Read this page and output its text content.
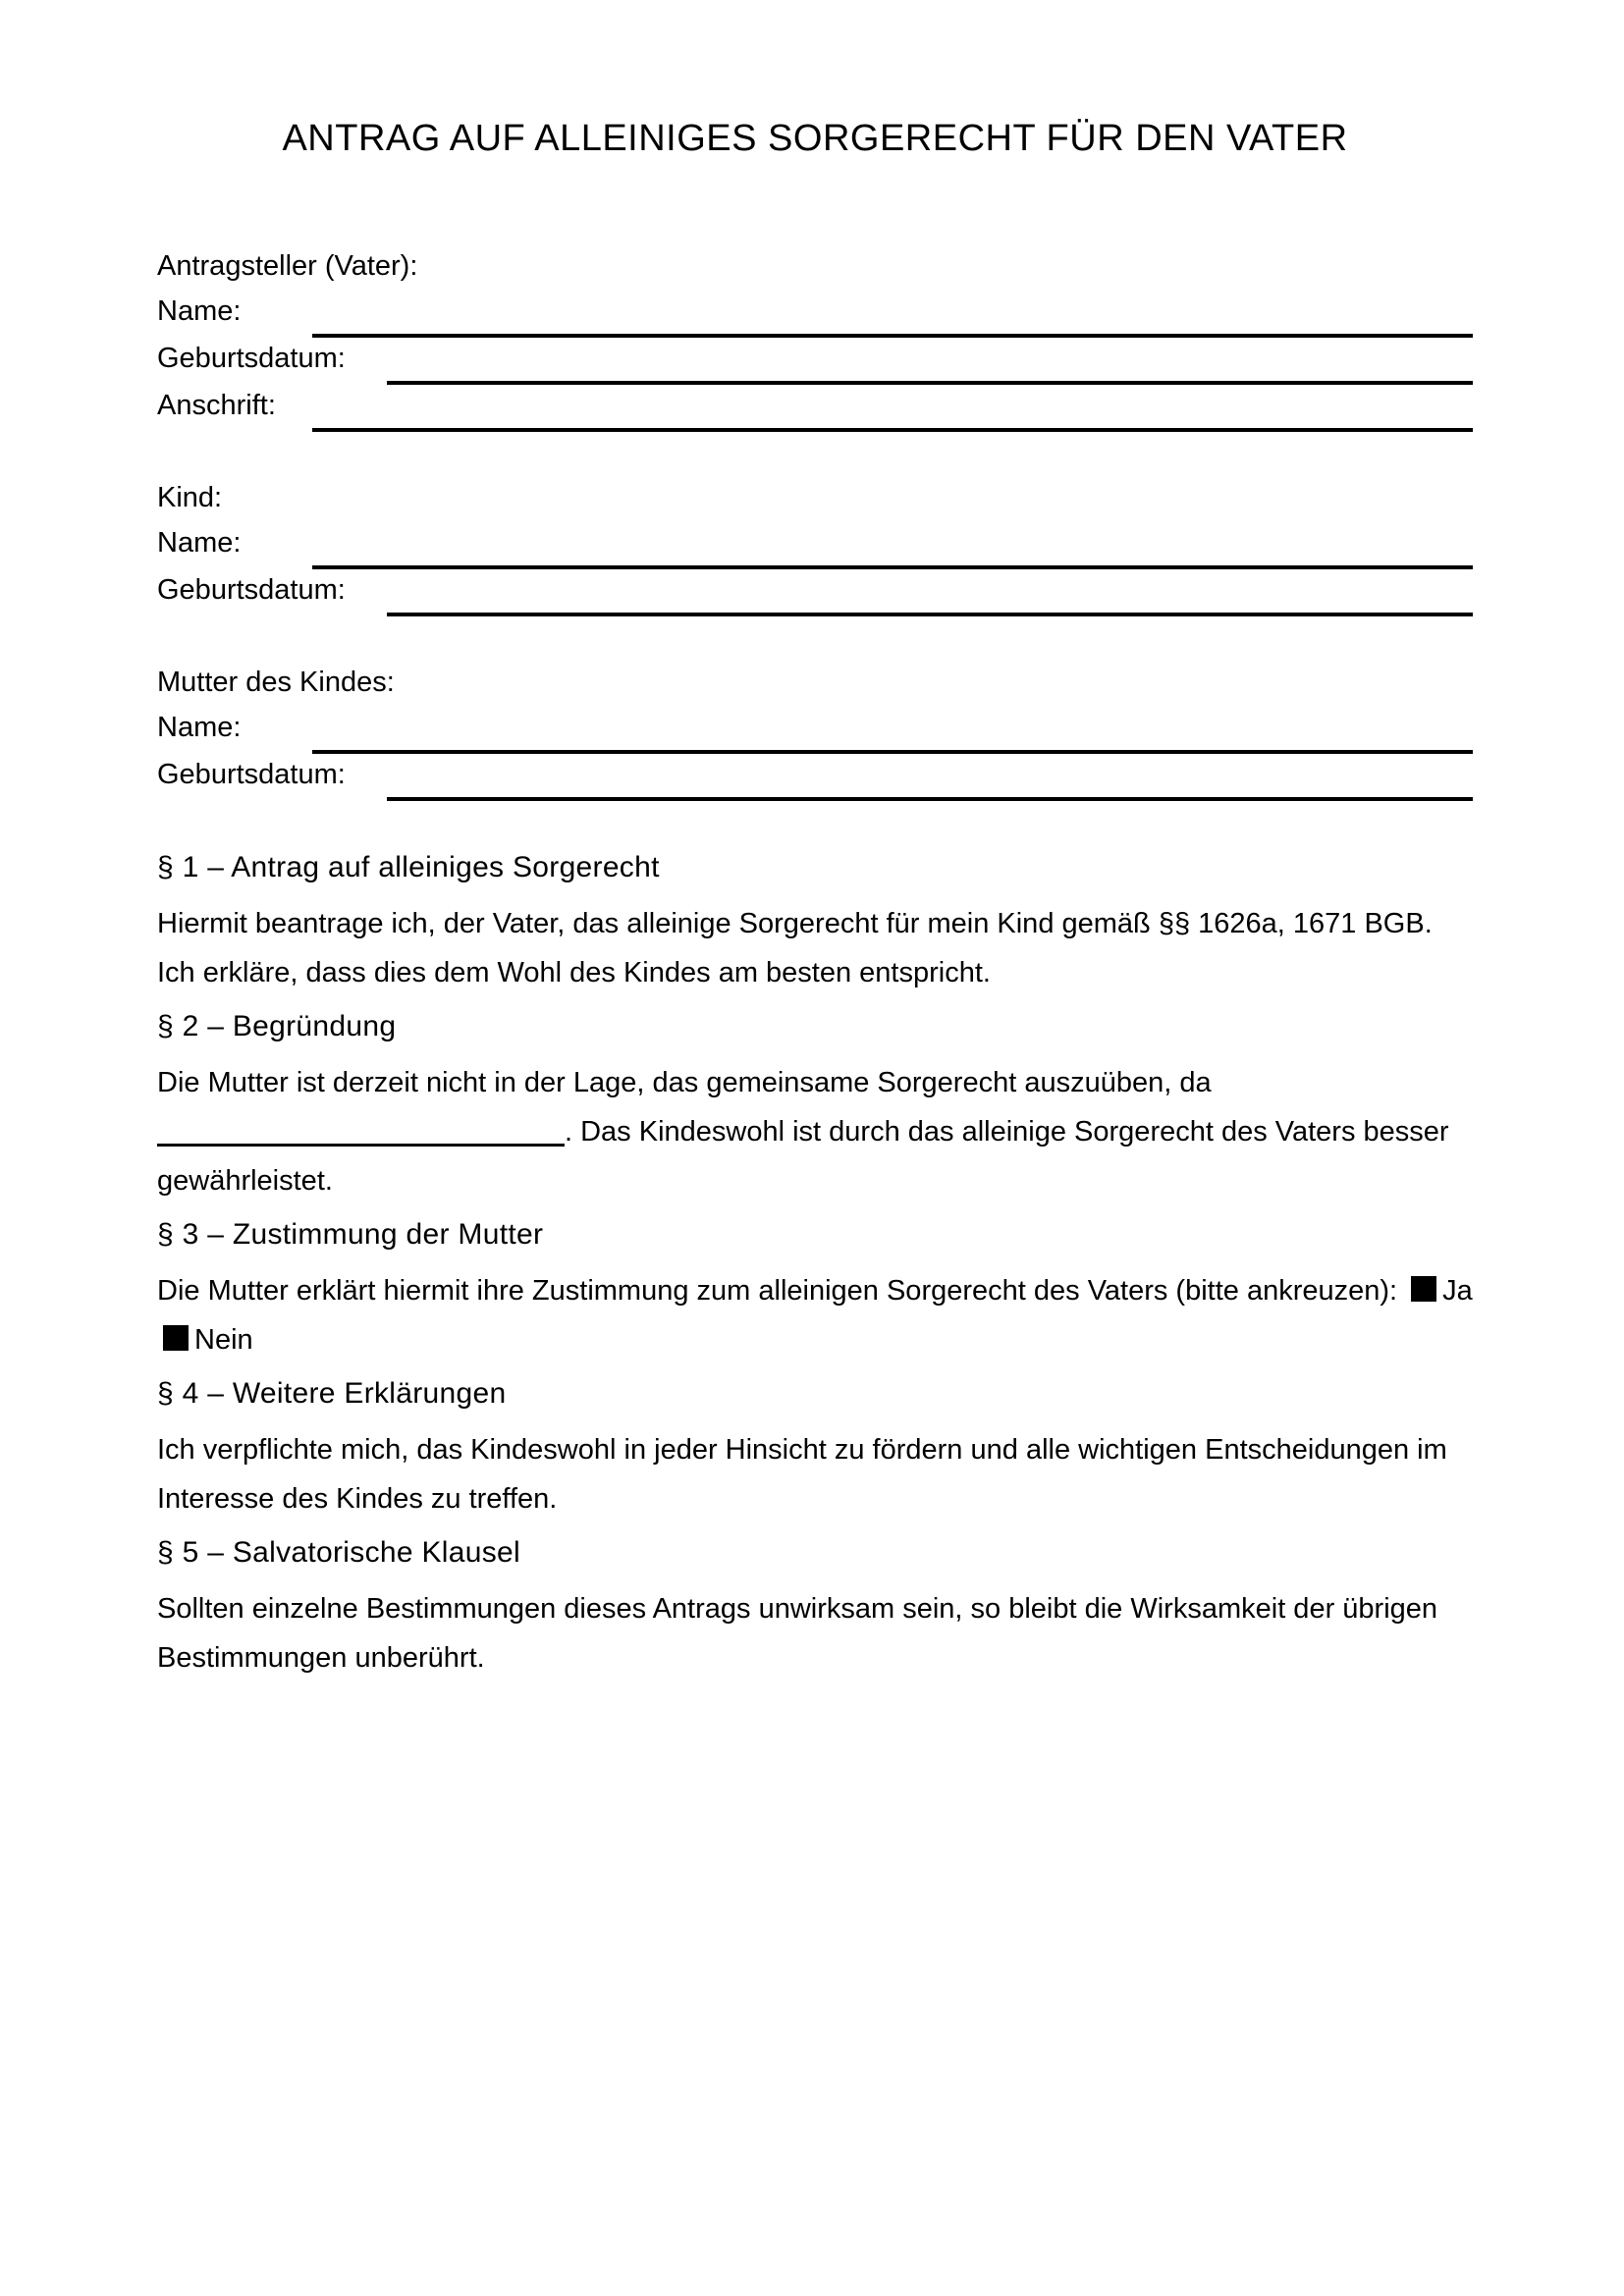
ANTRAG AUF ALLEINIGES SORGERECHT FÜR DEN VATER
Antragsteller (Vater):
Name:
Geburtsdatum:
Anschrift:
Kind:
Name:
Geburtsdatum:
Mutter des Kindes:
Name:
Geburtsdatum:
§ 1 – Antrag auf alleiniges Sorgerecht

Hiermit beantrage ich, der Vater, das alleinige Sorgerecht für mein Kind gemäß §§ 1626a, 1671 BGB. Ich erkläre, dass dies dem Wohl des Kindes am besten entspricht.

§ 2 – Begründung

Die Mutter ist derzeit nicht in der Lage, das gemeinsame Sorgerecht auszuüben, da . Das Kindeswohl ist durch das alleinige Sorgerecht des Vaters besser gewährleistet.

§ 3 – Zustimmung der Mutter

Die Mutter erklärt hiermit ihre Zustimmung zum alleinigen Sorgerecht des Vaters (bitte ankreuzen): Ja Nein

§ 4 – Weitere Erklärungen

Ich verpflichte mich, das Kindeswohl in jeder Hinsicht zu fördern und alle wichtigen Entscheidungen im Interesse des Kindes zu treffen.

§ 5 – Salvatorische Klausel

Sollten einzelne Bestimmungen dieses Antrags unwirksam sein, so bleibt die Wirksamkeit der übrigen Bestimmungen unberührt.
